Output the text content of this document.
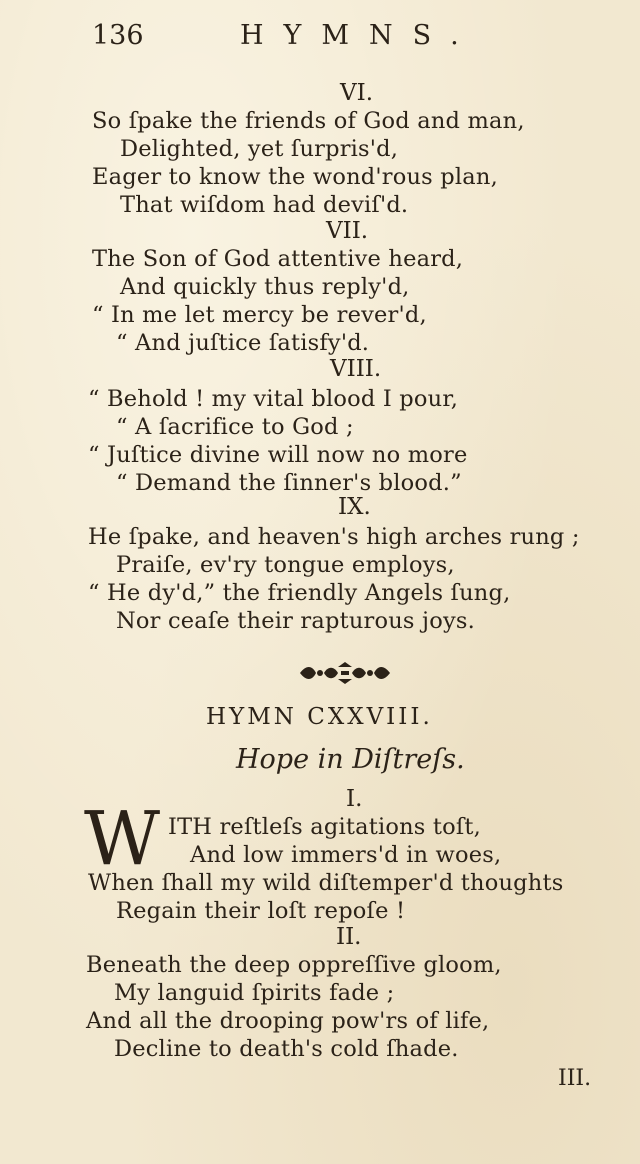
136	HYMNS.
VI.
So ſpake the friends of God and man,
Delighted, yet ſurpris'd,
Eager to know the wond'rous plan,
That wiſdom had deviſ'd.
VII.
The Son of God attentive heard,
And quickly thus reply'd,
“ In me let mercy be rever'd,
“ And juſtice ſatisfy'd.
VIII.
“ Behold ! my vital blood I pour,
“ A ſacrifice to God ;
“ Juſtice divine will now no more
“ Demand the ſinner's blood.”
IX.
He ſpake, and heaven's high arches rung ;
Praiſe, ev'ry tongue employs,
“ He dy'd,” the friendly Angels ſung,
Nor ceaſe their rapturous joys.
HYMN CXXVIII.
Hope in Diſtreſs.
I.
W ITH reſtleſs agitations toſt,
And low immers'd in woes,
When ſhall my wild diſtemper'd thoughts
Regain their loſt repoſe !
II.
Beneath the deep oppreſſive gloom,
My languid ſpirits fade ;
And all the drooping pow'rs of life,
Decline to death's cold ſhade.
III.
